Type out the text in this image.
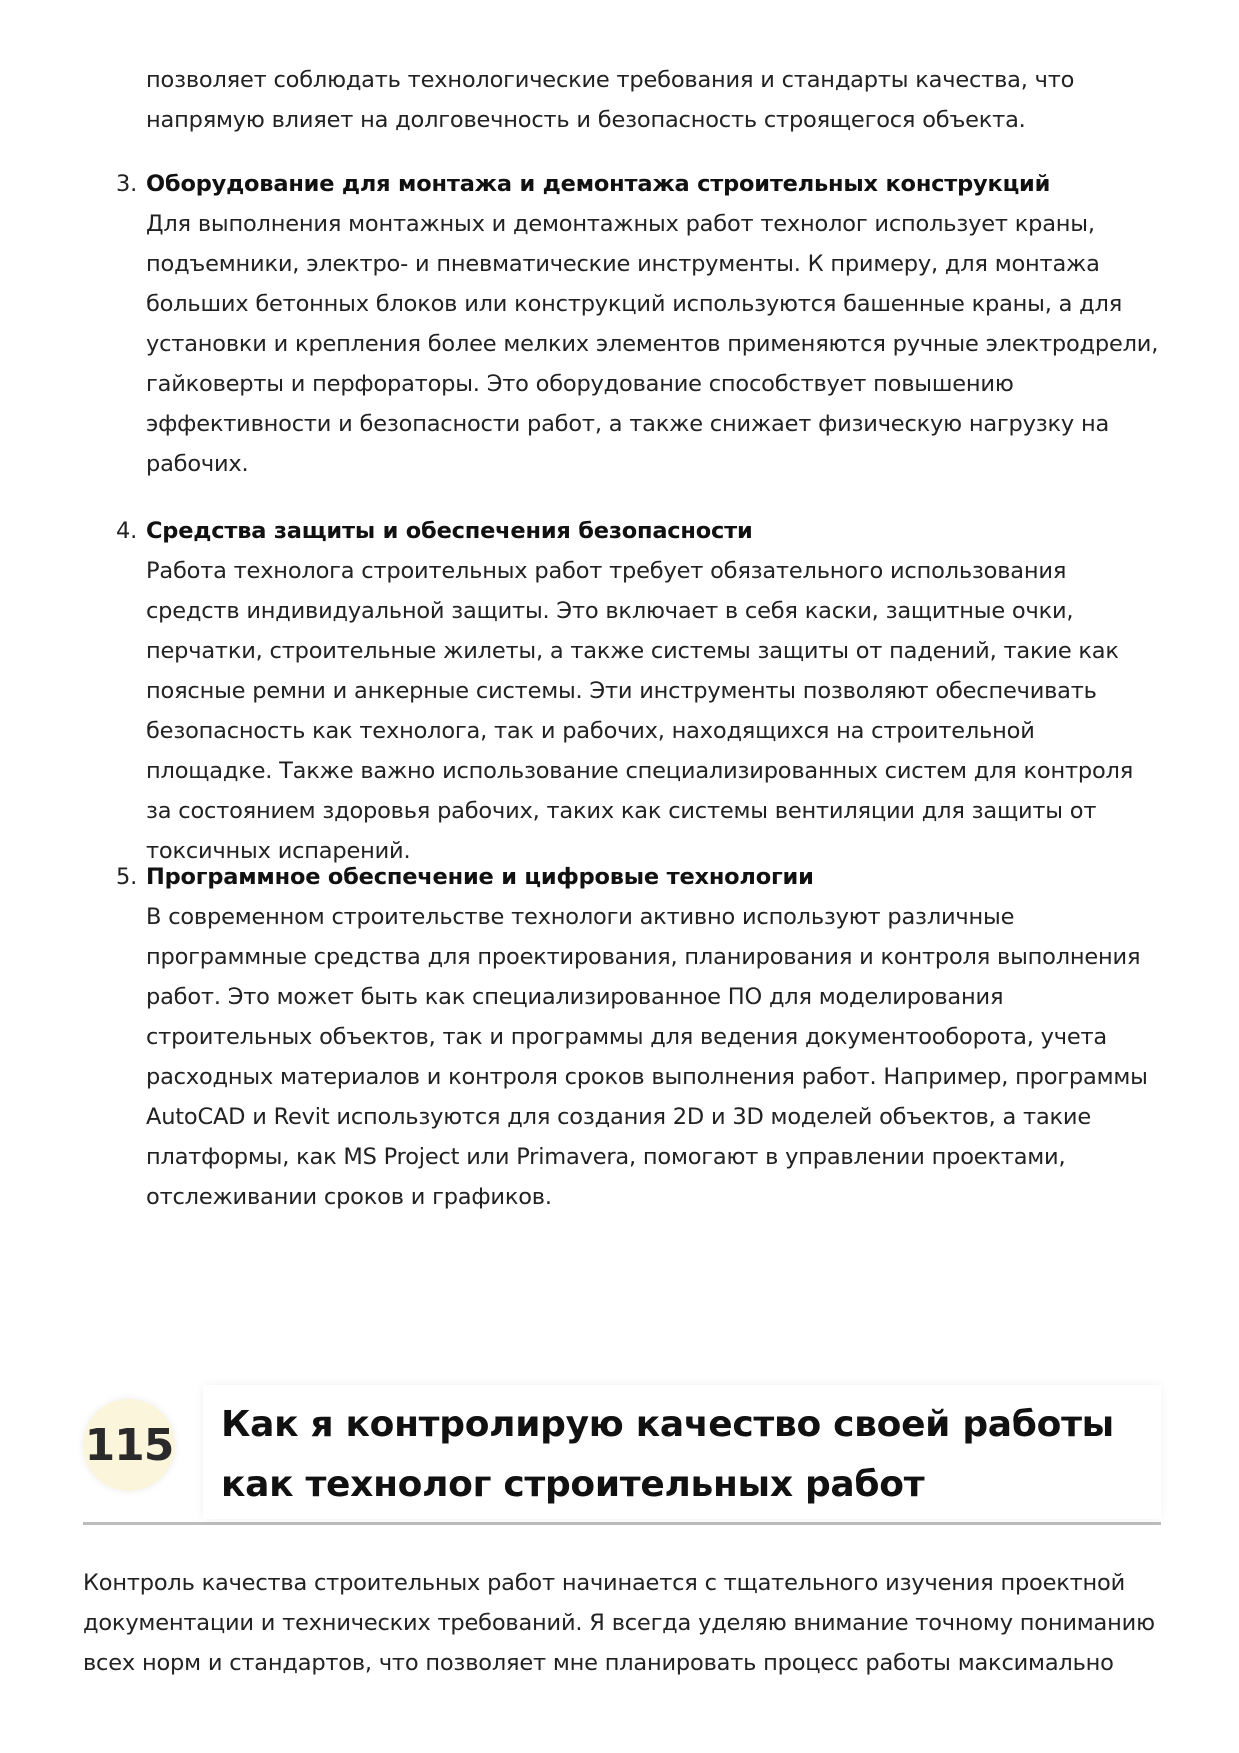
позволяет соблюдать технологические требования и стандарты качества, что напрямую влияет на долговечность и безопасность строящегося объекта.

3. Оборудование для монтажа и демонтажа строительных конструкций

Для выполнения монтажных и демонтажных работ технолог использует краны, подъемники, электро- и пневматические инструменты. К примеру, для монтажа больших бетонных блоков или конструкций используются башенные краны, а для установки и крепления более мелких элементов применяются ручные электродрели, гайковерты и перфораторы. Это оборудование способствует повышению эффективности и безопасности работ, а также снижает физическую нагрузку на рабочих.

4. Средства защиты и обеспечения безопасности

Работа технолога строительных работ требует обязательного использования средств индивидуальной защиты. Это включает в себя каски, защитные очки, перчатки, строительные жилеты, а также системы защиты от падений, такие как поясные ремни и анкерные системы. Эти инструменты позволяют обеспечивать безопасность как технолога, так и рабочих, находящихся на строительной площадке. Также важно использование специализированных систем для контроля за состоянием здоровья рабочих, таких как системы вентиляции для защиты от токсичных испарений.

5. Программное обеспечение и цифровые технологии

В современном строительстве технологи активно используют различные программные средства для проектирования, планирования и контроля выполнения работ. Это может быть как специализированное ПО для моделирования строительных объектов, так и программы для ведения документооборота, учета расходных материалов и контроля сроков выполнения работ. Например, программы AutoCAD и Revit используются для создания 2D и 3D моделей объектов, а такие платформы, как MS Project или Primavera, помогают в управлении проектами, отслеживании сроков и графиков.

115 Как я контролирую качество своей работы как технолог строительных работ

Контроль качества строительных работ начинается с тщательного изучения проектной документации и технических требований. Я всегда уделяю внимание точному пониманию всех норм и стандартов, что позволяет мне планировать процесс работы максимально
